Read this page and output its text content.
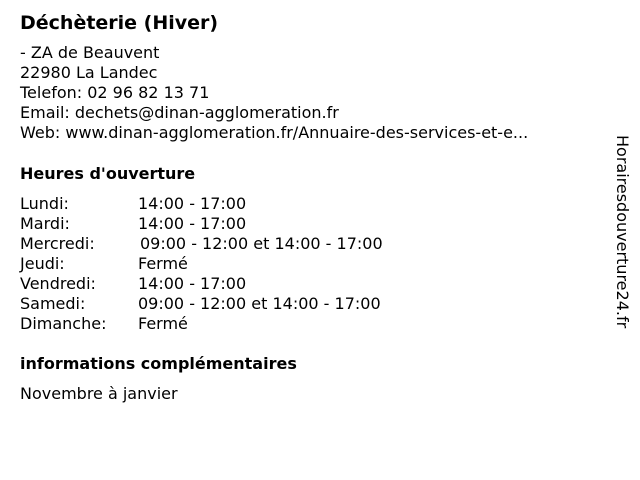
Déchèterie (Hiver)
- ZA de Beauvent
22980 La Landec
Telefon: 02 96 82 13 71
Email: dechets@dinan-agglomeration.fr
Web: www.dinan-agglomeration.fr/Annuaire-des-services-et-e...
Heures d'ouverture
Lundi:	14:00 - 17:00
Mardi:	14:00 - 17:00
Mercredi:	09:00 - 12:00 et 14:00 - 17:00
Jeudi:	Fermé
Vendredi:	14:00 - 17:00
Samedi:	09:00 - 12:00 et 14:00 - 17:00
Dimanche: Fermé
informations complémentaires
Novembre à janvier
Horairesdouverture24.fr
